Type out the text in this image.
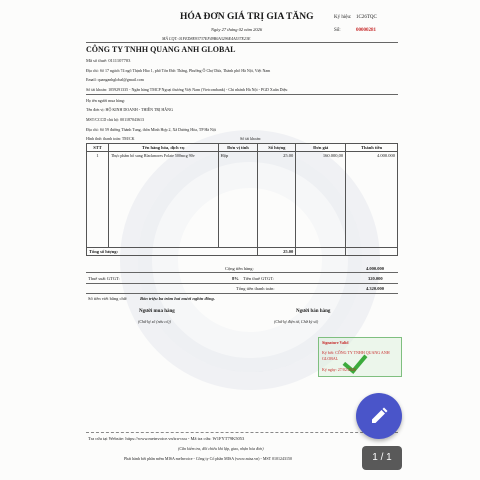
HÓA ĐƠN GIÁ TRỊ GIA TĂNG
Ngày 27 tháng 02 năm 2026
MÃ CQT: 01FED8E93737EF49B0A3296E4A537E23E
Ký hiệu: 1C26TQC
Số:	00000281
CÔNG TY TNHH QUANG ANH GLOBAL
Mã số thuế: 0111107703
Địa chỉ: Số 17 ngách 74 ngõ Thịnh Hào 1, phố Tôn Đức Thắng, Phường Ô Chợ Dừa, Thành phố Hà Nội, Việt Nam
Email: quanganhglobal@gmail.com
Số tài khoản: 1059291335 - Ngân hàng TMCP Ngoại thương Việt Nam (Vietcombank) - Chi nhánh Hà Nội - PGD Xuân Diệu
Họ tên người mua hàng:
Tên đơn vị: HỘ KINH DOANH - THIỀN TRỊ HẰNG
MST/CCCD chủ hộ: 001187043613
Địa chỉ: Số 59 đường Thành Tung, thôn Mình Hợp 2, Xã Dương Hòa, TP Hà Nội
Hình thức thanh toán: TM/CK	Số tài khoản:
STT	Tên hàng hóa, dịch vụ	Đơn vị tính	Số lượng	Đơn giá	Thành tiền
1	Thực phẩm bổ sung Blackmores Folate 500mcg 90v	Hộp	25.00	160.000,00	4.000.000
Tổng số lượng:			25.00		
Cộng tiền hàng:	4.000.000
Thuế suất GTGT:	8% Tiền thuế GTGT:	320.000
Tổng tiền thanh toán:	4.320.000
Số tiền viết bằng chữ:	Bốn triệu ba trăm hai mươi nghìn đồng.
Người mua hàng
(Chữ ký số (nếu có))
Người bán hàng
(Chữ ký điện tử, Chữ ký số)
Signature Valid
Ký bởi: CÔNG TY TNHH QUANG ANH GLOBAL
Ký ngày: 27/02/2026
Tra cứu tại Website: https://www.meinvoice.vn/tra-cuu - Mã tra cứu: W1FYT79K5053
(Cần kiểm tra, đối chiếu khi lập, giao, nhận hóa đơn)
Phát hành bởi phần mềm MISA meInvoice - Công ty Cổ phần MISA (www.misa.vn) - MST 0101243150	1 / 1
